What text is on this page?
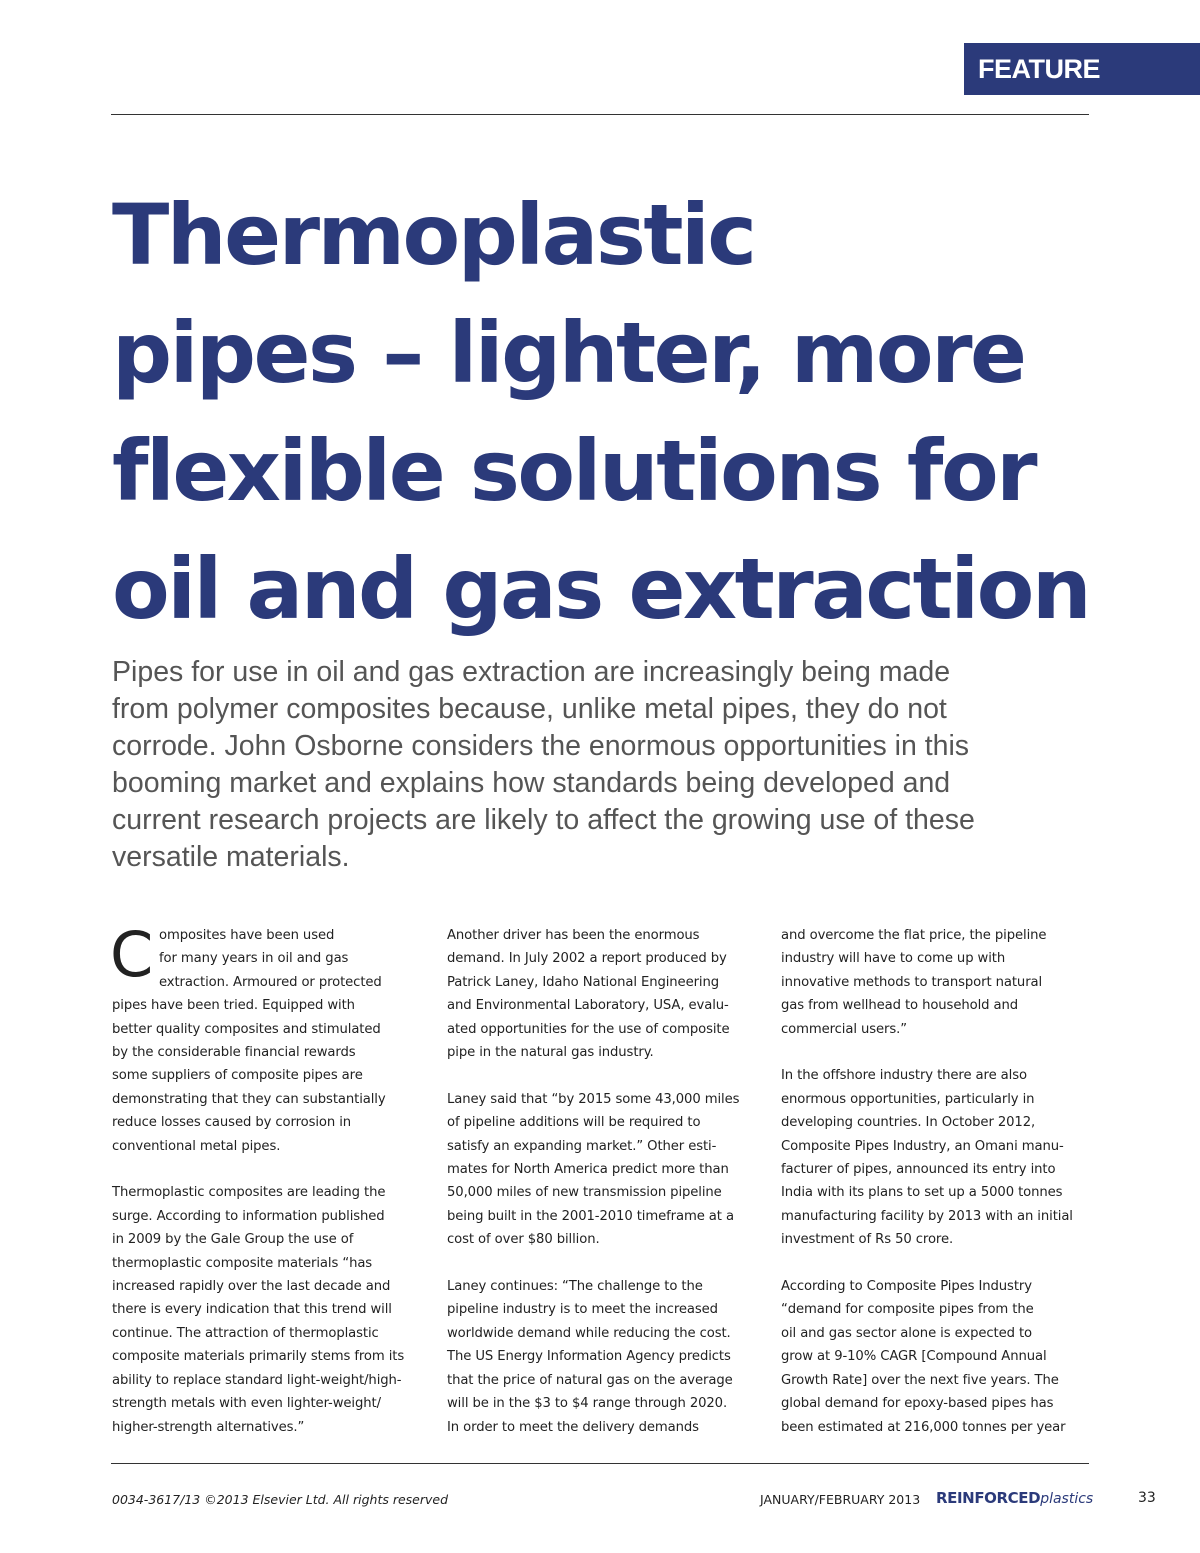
FEATURE
Thermoplastic
pipes – lighter, more
flexible solutions for
oil and gas extraction

Pipes for use in oil and gas extraction are increasingly being made
from polymer composites because, unlike metal pipes, they do not
corrode. John Osborne considers the enormous opportunities in this
booming market and explains how standards being developed and
current research projects are likely to affect the growing use of these
versatile materials.

C omposites have been used
for many years in oil and gas
extraction. Armoured or protected
pipes have been tried. Equipped with
better quality composites and stimulated
by the considerable financial rewards
some suppliers of composite pipes are
demonstrating that they can substantially
reduce losses caused by corrosion in
conventional metal pipes.

Thermoplastic composites are leading the
surge. According to information published
in 2009 by the Gale Group the use of
thermoplastic composite materials “has
increased rapidly over the last decade and
there is every indication that this trend will
continue. The attraction of thermoplastic
composite materials primarily stems from its
ability to replace standard light-weight/high-
strength metals with even lighter-weight/
higher-strength alternatives.”

Another driver has been the enormous
demand. In July 2002 a report produced by
Patrick Laney, Idaho National Engineering
and Environmental Laboratory, USA, evalu-
ated opportunities for the use of composite
pipe in the natural gas industry.

Laney said that “by 2015 some 43,000 miles
of pipeline additions will be required to
satisfy an expanding market.” Other esti-
mates for North America predict more than
50,000 miles of new transmission pipeline
being built in the 2001-2010 timeframe at a
cost of over $80 billion.

Laney continues: “The challenge to the
pipeline industry is to meet the increased
worldwide demand while reducing the cost.
The US Energy Information Agency predicts
that the price of natural gas on the average
will be in the $3 to $4 range through 2020.
In order to meet the delivery demands

and overcome the flat price, the pipeline
industry will have to come up with
innovative methods to transport natural
gas from wellhead to household and
commercial users.”

In the offshore industry there are also
enormous opportunities, particularly in
developing countries. In October 2012,
Composite Pipes Industry, an Omani manu-
facturer of pipes, announced its entry into
India with its plans to set up a 5000 tonnes
manufacturing facility by 2013 with an initial
investment of Rs 50 crore.

According to Composite Pipes Industry
“demand for composite pipes from the
oil and gas sector alone is expected to
grow at 9-10% CAGR [Compound Annual
Growth Rate] over the next five years. The
global demand for epoxy-based pipes has
been estimated at 216,000 tonnes per year

0034-3617/13 ©2013 Elsevier Ltd. All rights reserved	JANUARY/FEBRUARY 2013 REINFORCEDplastics	33
